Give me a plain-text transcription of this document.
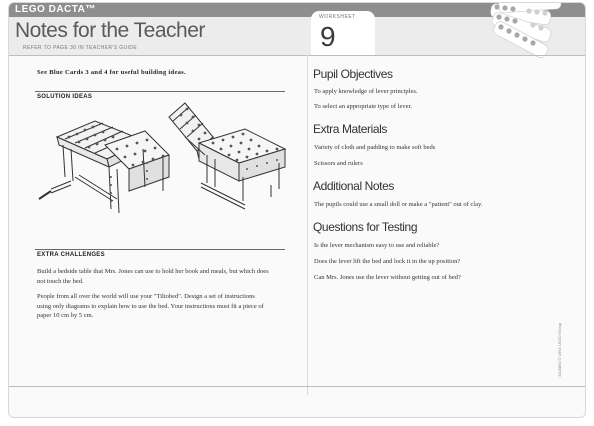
LEGO DACTA™
Notes for the Teacher
REFER TO PAGE 30 IN TEACHER'S GUIDE
WORKSHEET
9
See Blue Cards 3 and 4 for useful building ideas.
SOLUTION IDEAS
EXTRA CHALLENGES
Build a bedside table that Mrs. Jones can use to hold her book and meals, but which does not touch the bed.
People from all over the world will use your "Tiltobed". Design a set of instructions using only diagrams to explain how to use the bed. Your instructions must fit a piece of paper 10 cm by 5 cm.
Pupil Objectives
To apply knowledge of lever principles.
To select an appropriate type of lever.
Extra Materials
Variety of cloth and padding to make soft beds
Scissors and rulers
Additional Notes
The pupils could use a small doll or make a "patient" out of clay.
Questions for Testing
Is the lever mechanism easy to use and reliable?
Does the lever lift the bed and lock it in the up position?
Can Mrs. Jones use the lever without getting out of bed?
4103890 © 1993 LEGO Group
